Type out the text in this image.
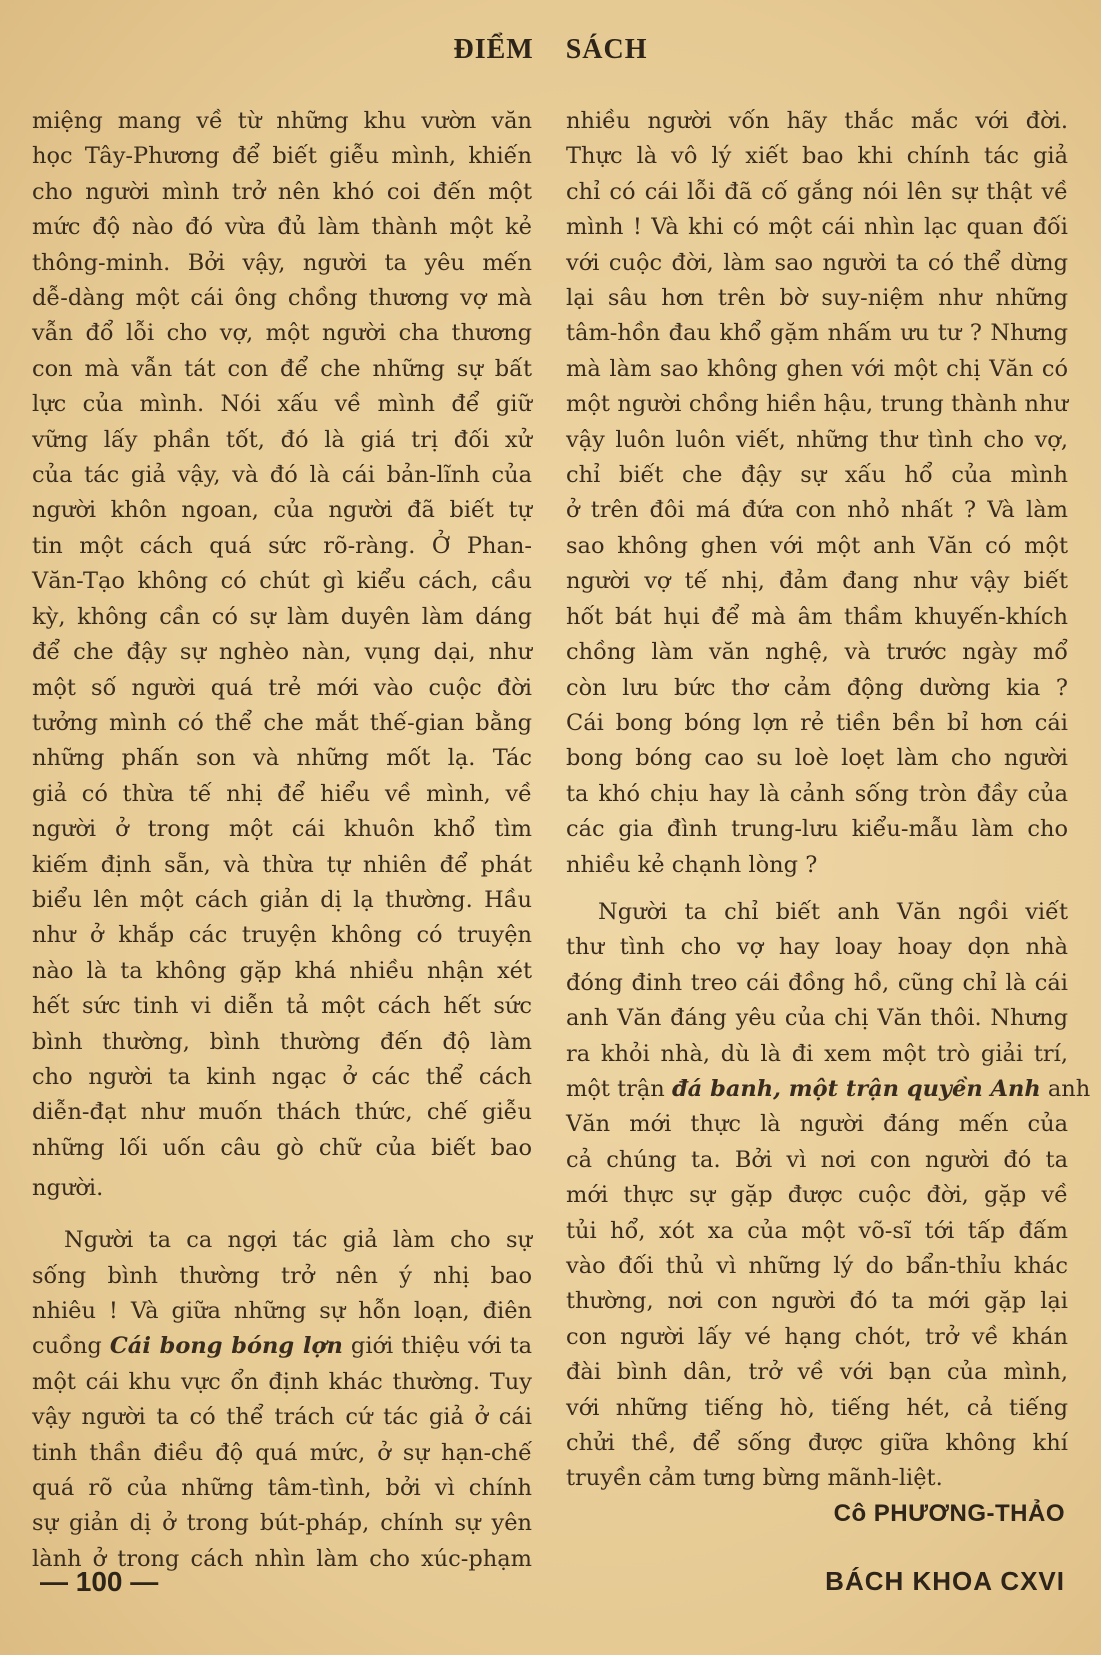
ĐIỂM SÁCH
miệng mang về từ những khu vườn văn
học Tây-Phương để biết giễu mình, khiến
cho người mình trở nên khó coi đến một
mức độ nào đó vừa đủ làm thành một kẻ
thông-minh. Bởi vậy, người ta yêu mến
dễ-dàng một cái ông chồng thương vợ mà
vẫn đổ lỗi cho vợ, một người cha thương
con mà vẫn tát con để che những sự bất
lực của mình. Nói xấu về mình để giữ
vững lấy phần tốt, đó là giá trị đối xử
của tác giả vậy, và đó là cái bản-lĩnh của
người khôn ngoan, của người đã biết tự
tin một cách quá sức rõ-ràng. Ở Phan-
Văn-Tạo không có chút gì kiểu cách, cầu
kỳ, không cần có sự làm duyên làm dáng
để che đậy sự nghèo nàn, vụng dại, như
một số người quá trẻ mới vào cuộc đời
tưởng mình có thể che mắt thế-gian bằng
những phấn son và những mốt lạ. Tác
giả có thừa tế nhị để hiểu về mình, về
người ở trong một cái khuôn khổ tìm
kiếm định sẵn, và thừa tự nhiên để phát
biểu lên một cách giản dị lạ thường. Hầu
như ở khắp các truyện không có truyện
nào là ta không gặp khá nhiều nhận xét
hết sức tinh vi diễn tả một cách hết sức
bình thường, bình thường đến độ làm
cho người ta kinh ngạc ở các thể cách
diễn-đạt như muốn thách thức, chế giễu
những lối uốn câu gò chữ của biết bao
người.
Người ta ca ngợi tác giả làm cho sự
sống bình thường trở nên ý nhị bao
nhiêu ! Và giữa những sự hỗn loạn, điên
cuồng Cái bong bóng lợn giới thiệu với ta
một cái khu vực ổn định khác thường. Tuy
vậy người ta có thể trách cứ tác giả ở cái
tinh thần điều độ quá mức, ở sự hạn-chế
quá rõ của những tâm-tình, bởi vì chính
sự giản dị ở trong bút-pháp, chính sự yên
lành ở trong cách nhìn làm cho xúc-phạm
nhiều người vốn hãy thắc mắc với đời.
Thực là vô lý xiết bao khi chính tác giả
chỉ có cái lỗi đã cố gắng nói lên sự thật về
mình ! Và khi có một cái nhìn lạc quan đối
với cuộc đời, làm sao người ta có thể dừng
lại sâu hơn trên bờ suy-niệm như những
tâm-hồn đau khổ gặm nhấm ưu tư ? Nhưng
mà làm sao không ghen với một chị Văn có
một người chồng hiền hậu, trung thành như
vậy luôn luôn viết, những thư tình cho vợ,
chỉ biết che đậy sự xấu hổ của mình
ở trên đôi má đứa con nhỏ nhất ? Và làm
sao không ghen với một anh Văn có một
người vợ tế nhị, đảm đang như vậy biết
hốt bát hụi để mà âm thầm khuyến-khích
chồng làm văn nghệ, và trước ngày mổ
còn lưu bức thơ cảm động dường kia ?
Cái bong bóng lợn rẻ tiền bền bỉ hơn cái
bong bóng cao su loè loẹt làm cho người
ta khó chịu hay là cảnh sống tròn đầy của
các gia đình trung-lưu kiểu-mẫu làm cho
nhiều kẻ chạnh lòng ?
Người ta chỉ biết anh Văn ngồi viết
thư tình cho vợ hay loay hoay dọn nhà
đóng đinh treo cái đồng hồ, cũng chỉ là cái
anh Văn đáng yêu của chị Văn thôi. Nhưng
ra khỏi nhà, dù là đi xem một trò giải trí,
một trận đá banh, một trận quyền Anh anh
Văn mới thực là người đáng mến của
cả chúng ta. Bởi vì nơi con người đó ta
mới thực sự gặp được cuộc đời, gặp về
tủi hổ, xót xa của một võ-sĩ tới tấp đấm
vào đối thủ vì những lý do bẩn-thỉu khác
thường, nơi con người đó ta mới gặp lại
con người lấy vé hạng chót, trở về khán
đài bình dân, trở về với bạn của mình,
với những tiếng hò, tiếng hét, cả tiếng
chửi thề, để sống được giữa không khí
truyền cảm tưng bừng mãnh-liệt.
Cô PHƯƠNG-THẢO
— 100 —	BÁCH KHOA CXVI
